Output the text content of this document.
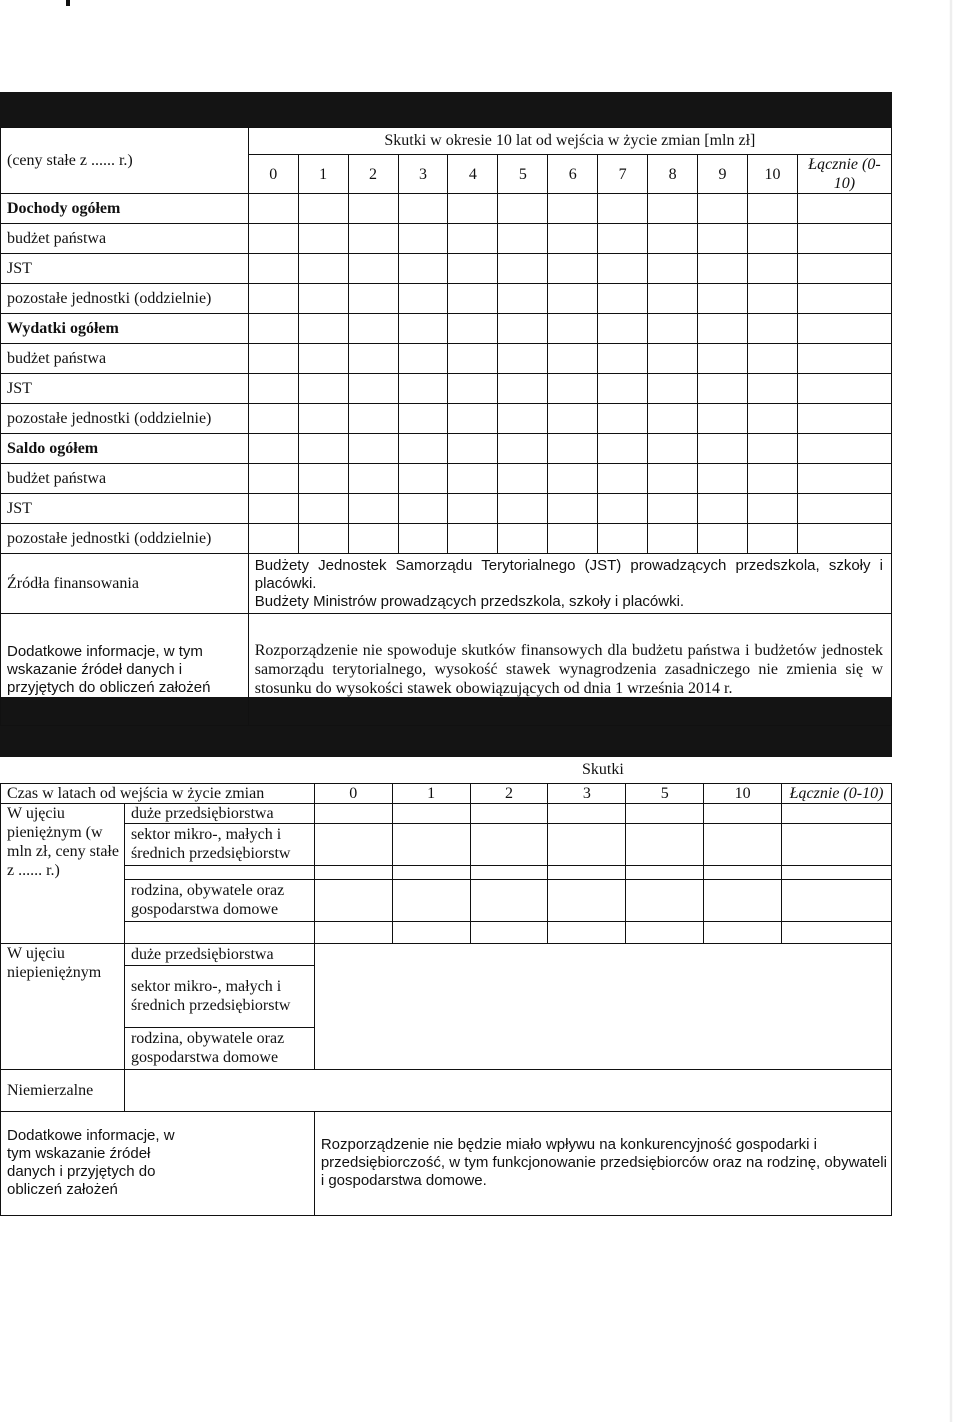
(ceny stałe z ...... r.)	Skutki w okresie 10 lat od wejścia w życie zmian [mln zł]											
	0	1	2	3	4	5	6	7	8	9	10	Łącznie (0-10)
Dochody ogółem												
budżet państwa												
JST												
pozostałe jednostki (oddzielnie)												
Wydatki ogółem												
budżet państwa												
JST												
pozostałe jednostki (oddzielnie)												
Saldo ogółem												
budżet państwa												
JST												
pozostałe jednostki (oddzielnie)												
Źródła finansowania	Budżety Jednostek Samorządu Terytorialnego (JST) prowadzących przedszkola, szkoły i placówki.
Budżety Ministrów prowadzących przedszkola, szkoły i placówki.											

Dodatkowe informacje, w tym wskazanie źródeł danych i przyjętych do obliczeń założeń	Rozporządzenie nie spowoduje skutków finansowych dla budżetu państwa i budżetów jednostek samorządu terytorialnego, wysokość stawek wynagrodzenia zasadniczego nie zmienia się w stosunku do wysokości stawek obowiązujących od dnia 1 września 2014 r.											
		Skutki						
Czas w latach od wejścia w życie zmian		0	1	2	3	5	10	Łącznie (0-10)
W ujęciu pieniężnym (w mln zł, ceny stałe z ...... r.)	duże przedsiębiorstwa							
	sektor mikro-, małych i średnich przedsiębiorstw							

	rodzina, obywatele oraz gospodarstwa domowe							

W ujęciu niepieniężnym	duże przedsiębiorstwa							
	sektor mikro-, małych i średnich przedsiębiorstw							
	rodzina, obywatele oraz gospodarstwa domowe							
Niemierzalne								

Dodatkowe informacje, w tym wskazanie źródeł danych i przyjętych do obliczeń założeń		Rozporządzenie nie będzie miało wpływu na konkurencyjność gospodarki i przedsiębiorczość, w tym funkcjonowanie przedsiębiorców oraz na rodzinę, obywateli i gospodarstwa domowe.						
